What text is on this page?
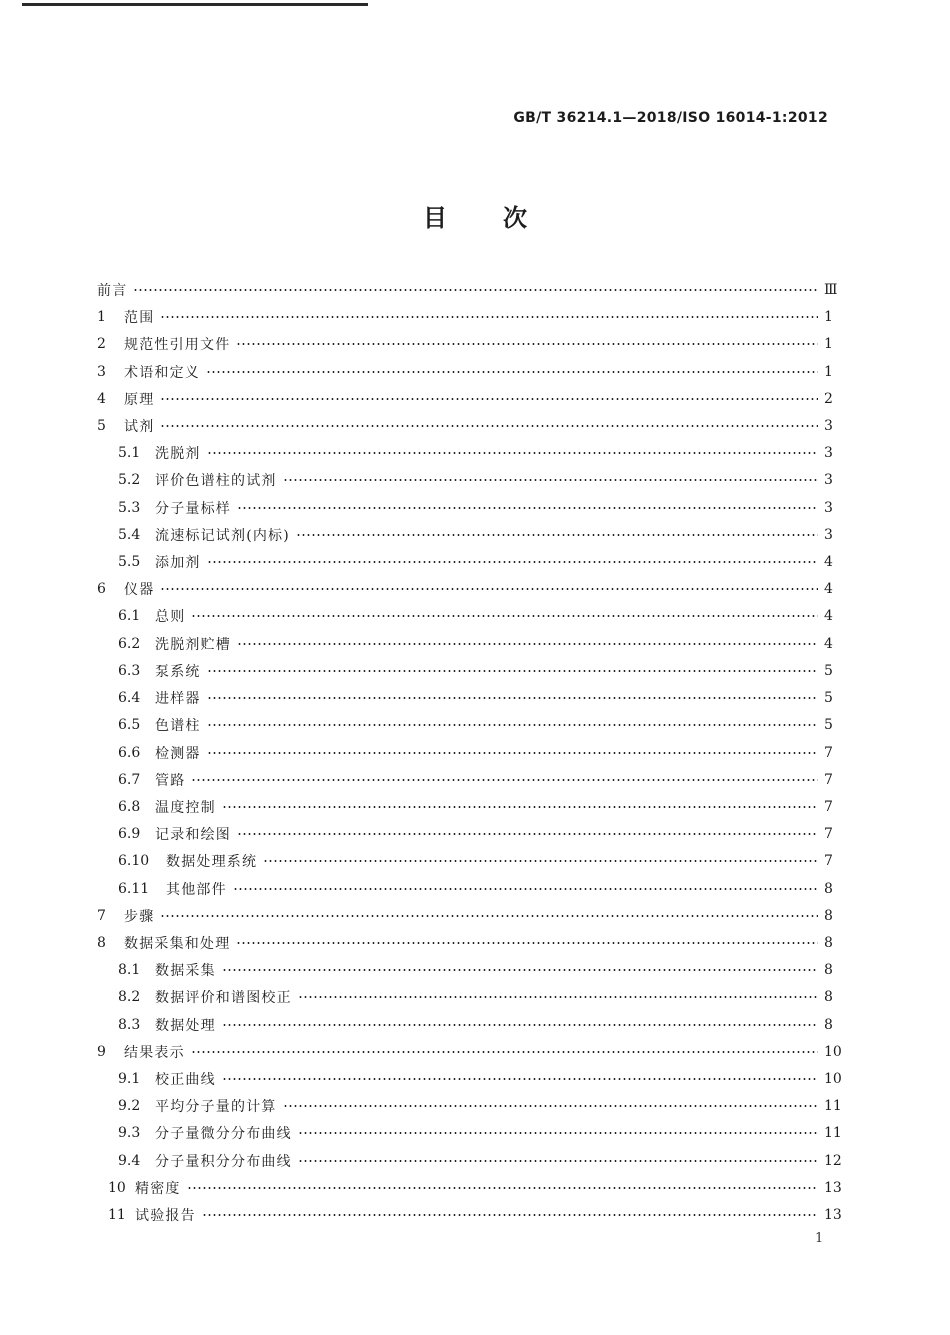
GB/T 36214.1—2018/ISO 16014-1:2012
目 次
前言	Ⅲ
1	范围	1
2	规范性引用文件	1
3	术语和定义	1
4	原理	2
5	试剂	3
5.1	洗脱剂	3
5.2	评价色谱柱的试剂	3
5.3	分子量标样	3
5.4	流速标记试剂(内标)	3
5.5	添加剂	4
6	仪器	4
6.1	总则	4
6.2	洗脱剂贮槽	4
6.3	泵系统	5
6.4	进样器	5
6.5	色谱柱	5
6.6	检测器	7
6.7	管路	7
6.8	温度控制	7
6.9	记录和绘图	7
6.10	数据处理系统	7
6.11	其他部件	8
7	步骤	8
8	数据采集和处理	8
8.1	数据采集	8
8.2	数据评价和谱图校正	8
8.3	数据处理	8
9	结果表示	10
9.1	校正曲线	10
9.2	平均分子量的计算	11
9.3	分子量微分分布曲线	11
9.4	分子量积分分布曲线	12
10 精密度	13
11 试验报告	13
1
